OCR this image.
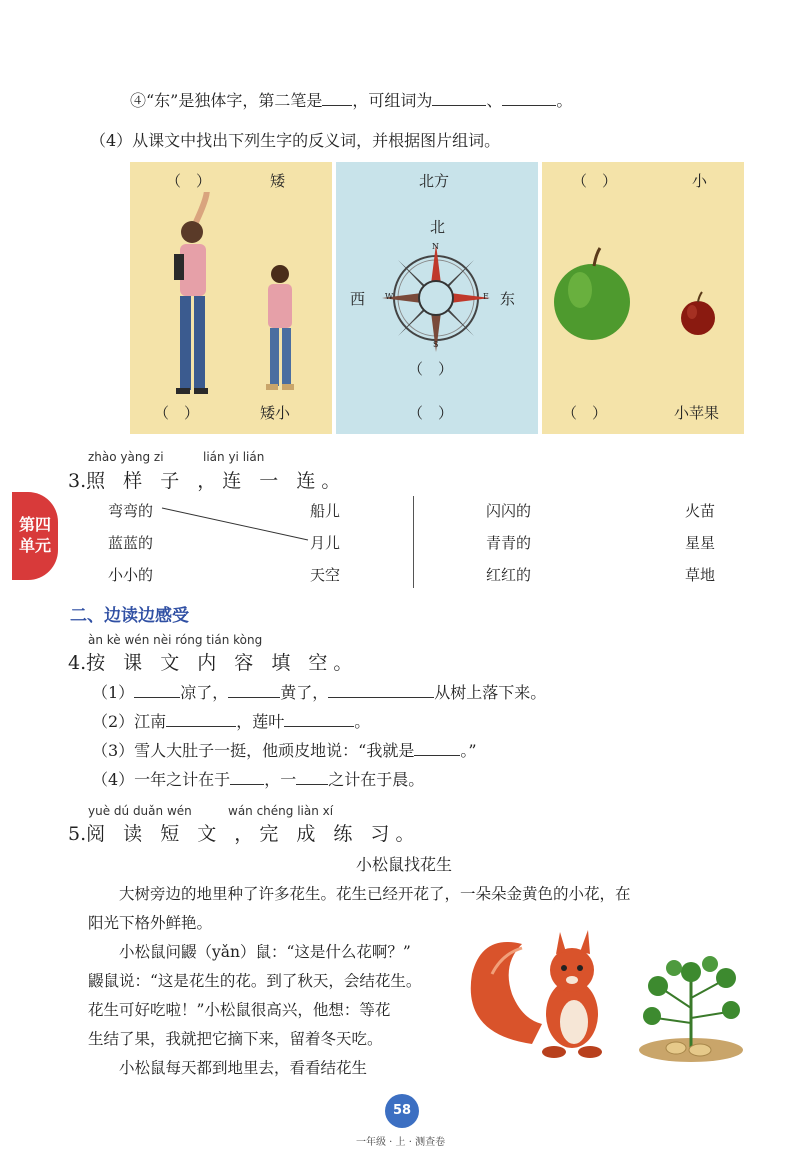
④“东”是独体字，第二笔是 ，可组词为	、	。
（4）从课文中找出下列生字的反义词，并根据图片组词。
（　）	矮
（　）	矮小
北方
北
西	东
N
S
E
W
（　）
（　）
（　）	小
（　）	小苹果
zhào yàng zi	lián yi lián
3.照 样 子 ，连 一 连。
第四
单元
弯弯的	船儿
蓝蓝的	月儿
小小的	天空
闪闪的	火苗
青青的	星星
红红的	草地
二、边读边感受
àn kè wén nèi róng tián kòng
4.按 课 文 内 容 填 空。
（1）	凉了，	黄了，	从树上落下来。
（2）江南	，莲叶	。
（3）雪人大肚子一挺，他顽皮地说：“我就是	。”
（4）一年之计在于 ，一 之计在于晨。
yuè dú duǎn wén	wán chéng liàn xí
5.阅 读 短 文 ，完 成 练 习。
小松鼠找花生
　　大树旁边的地里种了许多花生。花生已经开花了，一朵朵金黄色的小花，在
阳光下格外鲜艳。
　　小松鼠问鼹（yǎn）鼠：“这是什么花啊？”
鼹鼠说：“这是花生的花。到了秋天，会结花生。
花生可好吃啦！”小松鼠很高兴，他想：等花
生结了果，我就把它摘下来，留着冬天吃。
　　小松鼠每天都到地里去，看看结花生
58
一年级 · 上 · 测查卷
